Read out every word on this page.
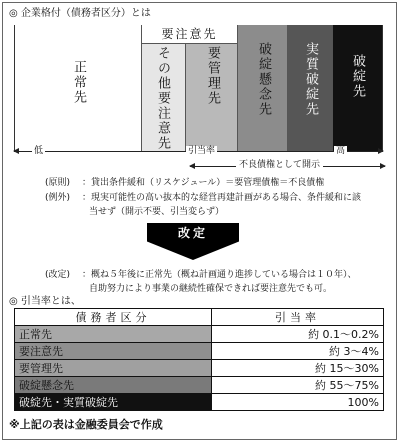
◎ 企業格付（債務者区分）とは
要注意先
正常先	その他要注意先	要管理先	破綻懸念先 実質破綻先 破綻先
低	引当率	高
不良債権として開示
(原則) ：貸出条件緩和（リスケジュール）＝要管理債権＝不良債権
(例外) ：現実可能性の高い抜本的な経営再建計画がある場合、条件緩和に該
当せず（開示不要、引当変らず）
改定
(改定) ：概ね５年後に正常先（概ね計画通り進捗している場合は１０年）、
自助努力により事業の継続性確保できれば要注意先でも可。
◎ 引当率とは、
債務者区分	引当率
正常先	約 0.1〜0.2%
要注意先	約 3〜4%
要管理先	約 15〜30%
破綻懸念先	約 55〜75%
破綻先・実質破綻先	100%
※上記の表は金融委員会で作成
